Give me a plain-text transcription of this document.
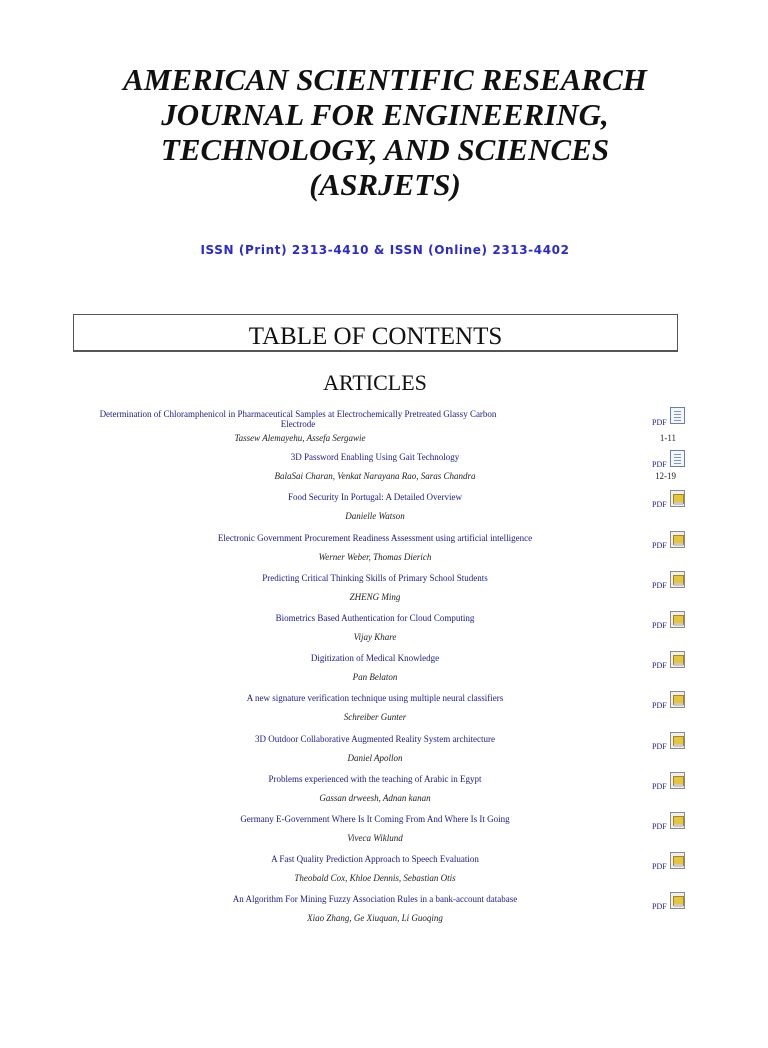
AMERICAN SCIENTIFIC RESEARCH JOURNAL FOR ENGINEERING, TECHNOLOGY, AND SCIENCES (ASRJETS)
ISSN (Print) 2313-4410 & ISSN (Online) 2313-4402
TABLE OF CONTENTS
ARTICLES
Determination of Chloramphenicol in Pharmaceutical Samples at Electrochemically Pretreated Glassy Carbon Electrode
Tassew Alemayehu, Assefa Sergawie
PDF
1-11
3D Password Enabling Using Gait Technology
BalaSai Charan, Venkat Narayana Rao, Saras Chandra
PDF
12-19
Food Security In Portugal: A Detailed Overview
Danielle Watson
PDF
Electronic Government Procurement Readiness Assessment using artificial intelligence
Werner Weber, Thomas Dierich
PDF
Predicting Critical Thinking Skills of Primary School Students
ZHENG Ming
PDF
Biometrics Based Authentication for Cloud Computing
Vijay Khare
PDF
Digitization of Medical Knowledge
Pan Belaton
PDF
A new signature verification technique using multiple neural classifiers
Schreiber Gunter
PDF
3D Outdoor Collaborative Augmented Reality System architecture
Daniel Apollon
PDF
Problems experienced with the teaching of Arabic in Egypt
Gassan drweesh, Adnan kanan
PDF
Germany E-Government Where Is It Coming From And Where Is It Going
Viveca Wiklund
PDF
A Fast Quality Prediction Approach to Speech Evaluation
Theobald Cox, Khloe Dennis, Sebastian Otis
PDF
An Algorithm For Mining Fuzzy Association Rules in a bank-account database
Xiao Zhang, Ge Xiuquan, Li Guoqing
PDF
